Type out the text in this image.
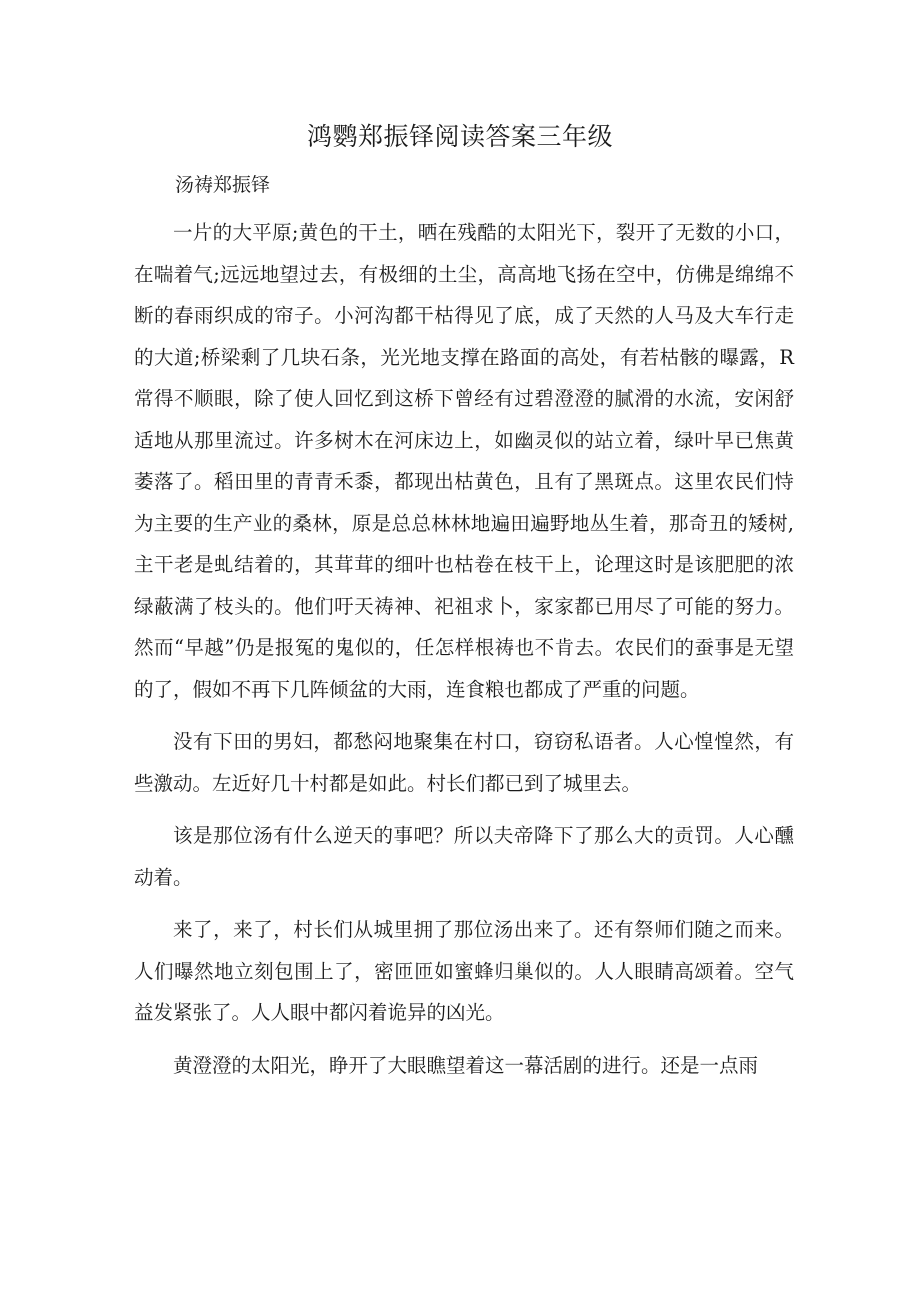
鸿鹦郑振铎阅读答案三年级

汤祷郑振铎

一片的大平原;黄色的干土，晒在残酷的太阳光下，裂开了无数的小口，在喘着气;远远地望过去，有极细的土尘，高高地飞扬在空中，仿佛是绵绵不断的春雨织成的帘子。小河沟都干枯得见了底，成了天然的人马及大车行走的大道;桥梁剩了几块石条，光光地支撑在路面的高处，有若枯骸的曝露，R常得不顺眼，除了使人回忆到这桥下曾经有过碧澄澄的腻滑的水流，安闲舒适地从那里流过。许多树木在河床边上，如幽灵似的站立着，绿叶早已焦黄萎落了。稻田里的青青禾黍，都现出枯黄色，且有了黑斑点。这里农民们恃为主要的生产业的桑林，原是总总林林地遍田遍野地丛生着，那奇丑的矮树,主干老是虬结着的，其茸茸的细叶也枯卷在枝干上，论理这时是该肥肥的浓绿蔽满了枝头的。他们吁天祷神、祀祖求卜，家家都已用尽了可能的努力。然而“早越”仍是报冤的鬼似的，任怎样根祷也不肯去。农民们的蚕事是无望的了，假如不再下几阵倾盆的大雨，连食粮也都成了严重的问题。

没有下田的男妇，都愁闷地聚集在村口，窃窃私语者。人心惶惶然，有些激动。左近好几十村都是如此。村长们都已到了城里去。

该是那位汤有什么逆天的事吧？所以夫帝降下了那么大的贡罚。人心醺动着。

来了，来了，村长们从城里拥了那位汤出来了。还有祭师们随之而来。人们曝然地立刻包围上了，密匝匝如蜜蜂归巢似的。人人眼睛高颂着。空气益发紧张了。人人眼中都闪着诡异的凶光。

黄澄澄的太阳光，睁开了大眼瞧望着这一幕活剧的进行。还是一点雨
